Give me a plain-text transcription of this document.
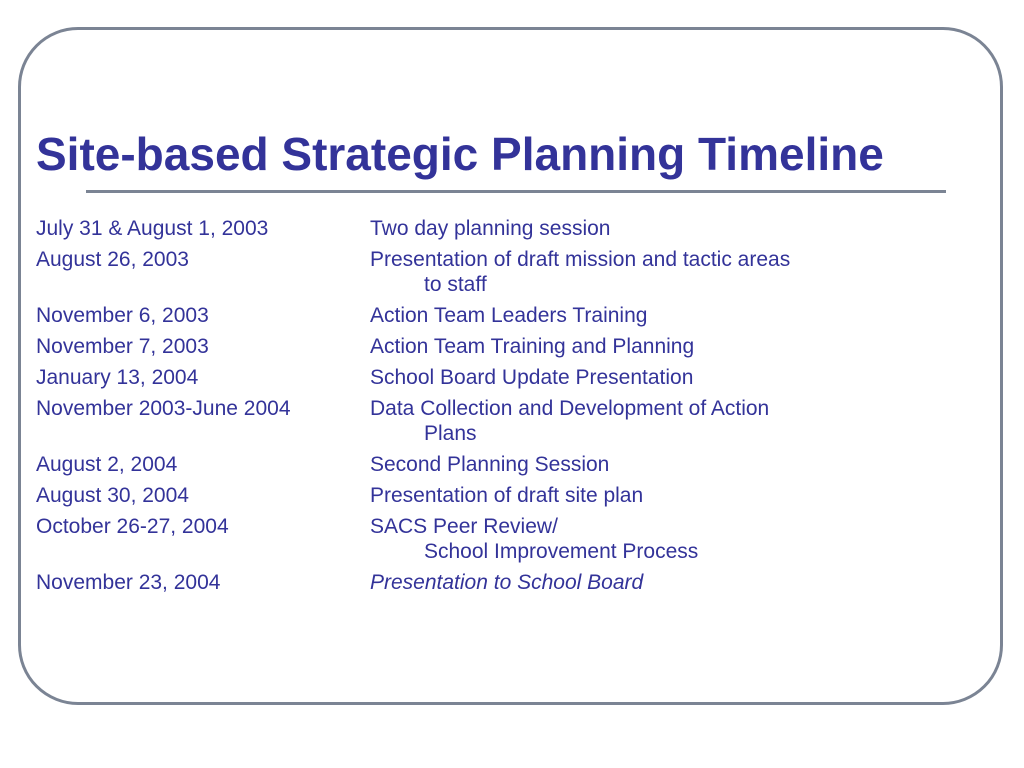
Site-based Strategic Planning Timeline
July 31 & August 1, 2003	Two day planning session
August 26, 2003	Presentation of draft mission and tactic areas
to staff
November 6, 2003	Action Team Leaders Training
November 7, 2003	Action Team Training and Planning
January 13, 2004	School Board Update Presentation
November 2003-June 2004	Data Collection and Development of Action
Plans
August 2, 2004	Second Planning Session
August 30, 2004	Presentation of draft site plan
October 26-27, 2004	SACS Peer Review/
School Improvement Process
November 23, 2004	Presentation to School Board
